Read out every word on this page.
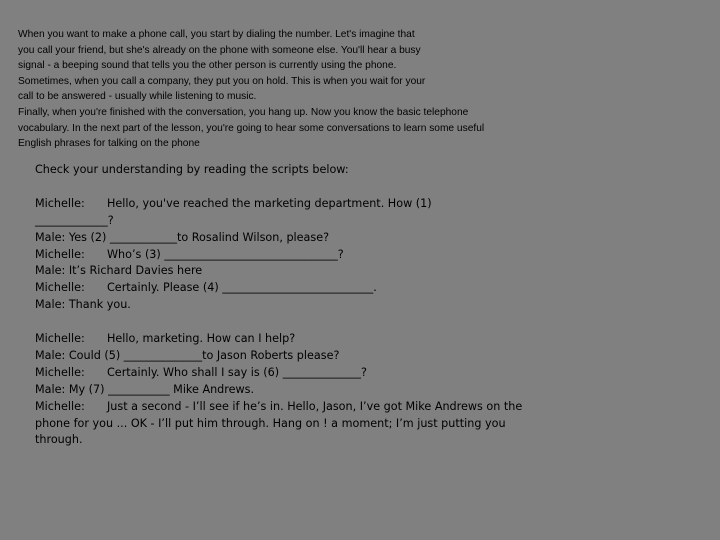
When you want to make a phone call, you start by dialing the number. Let's imagine that
you call your friend, but she's already on the phone with someone else. You'll hear a busy
signal - a beeping sound that tells you the other person is currently using the phone.
Sometimes, when you call a company, they put you on hold. This is when you wait for your
call to be answered - usually while listening to music.
Finally, when you're finished with the conversation, you hang up. Now you know the basic telephone
vocabulary. In the next part of the lesson, you're going to hear some conversations to learn some useful
English phrases for talking on the phone
Check your understanding by reading the scripts below:
Michelle: Hello, you've reached the marketing department. How (1)
_____________?
Male: Yes (2) ____________to Rosalind Wilson, please?
Michelle: Who’s (3) _______________________________?
Male: It’s Richard Davies here
Michelle: Certainly. Please (4) ___________________________.
Male: Thank you.
Michelle: Hello, marketing. How can I help?
Male: Could (5) ______________to Jason Roberts please?
Michelle: Certainly. Who shall I say is (6) ______________?
Male: My (7) ___________ Mike Andrews.
Michelle: Just a second - I’ll see if he’s in. Hello, Jason, I’ve got Mike Andrews on the
phone for you ... OK - I’ll put him through. Hang on ! a moment; I’m just putting you
through.
